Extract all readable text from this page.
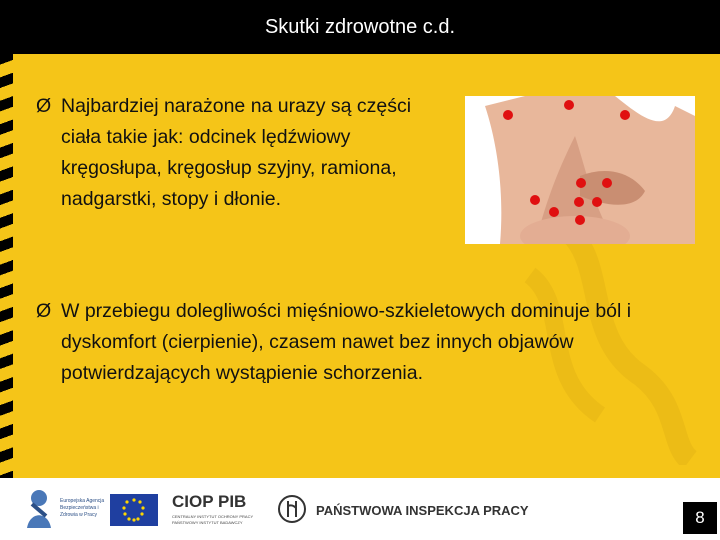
Skutki zdrowotne c.d.
Ø Najbardziej narażone na urazy są części ciała takie jak: odcinek lędźwiowy kręgosłupa, kręgosłup szyjny, ramiona, nadgarstki, stopy i dłonie.
Ø W przebiegu dolegliwości mięśniowo-szkieletowych dominuje ból i dyskomfort (cierpienie), czasem nawet bez innych objawów potwierdzających wystąpienie schorzenia.
Europejska Agencja Bezpieczeństwa i Zdrowia w Pracy
CIOP PIB
CENTRALNY INSTYTUT OCHRONY PRACY PAŃSTWOWY INSTYTUT BADAWCZY
PAŃSTWOWA INSPEKCJA PRACY	8
